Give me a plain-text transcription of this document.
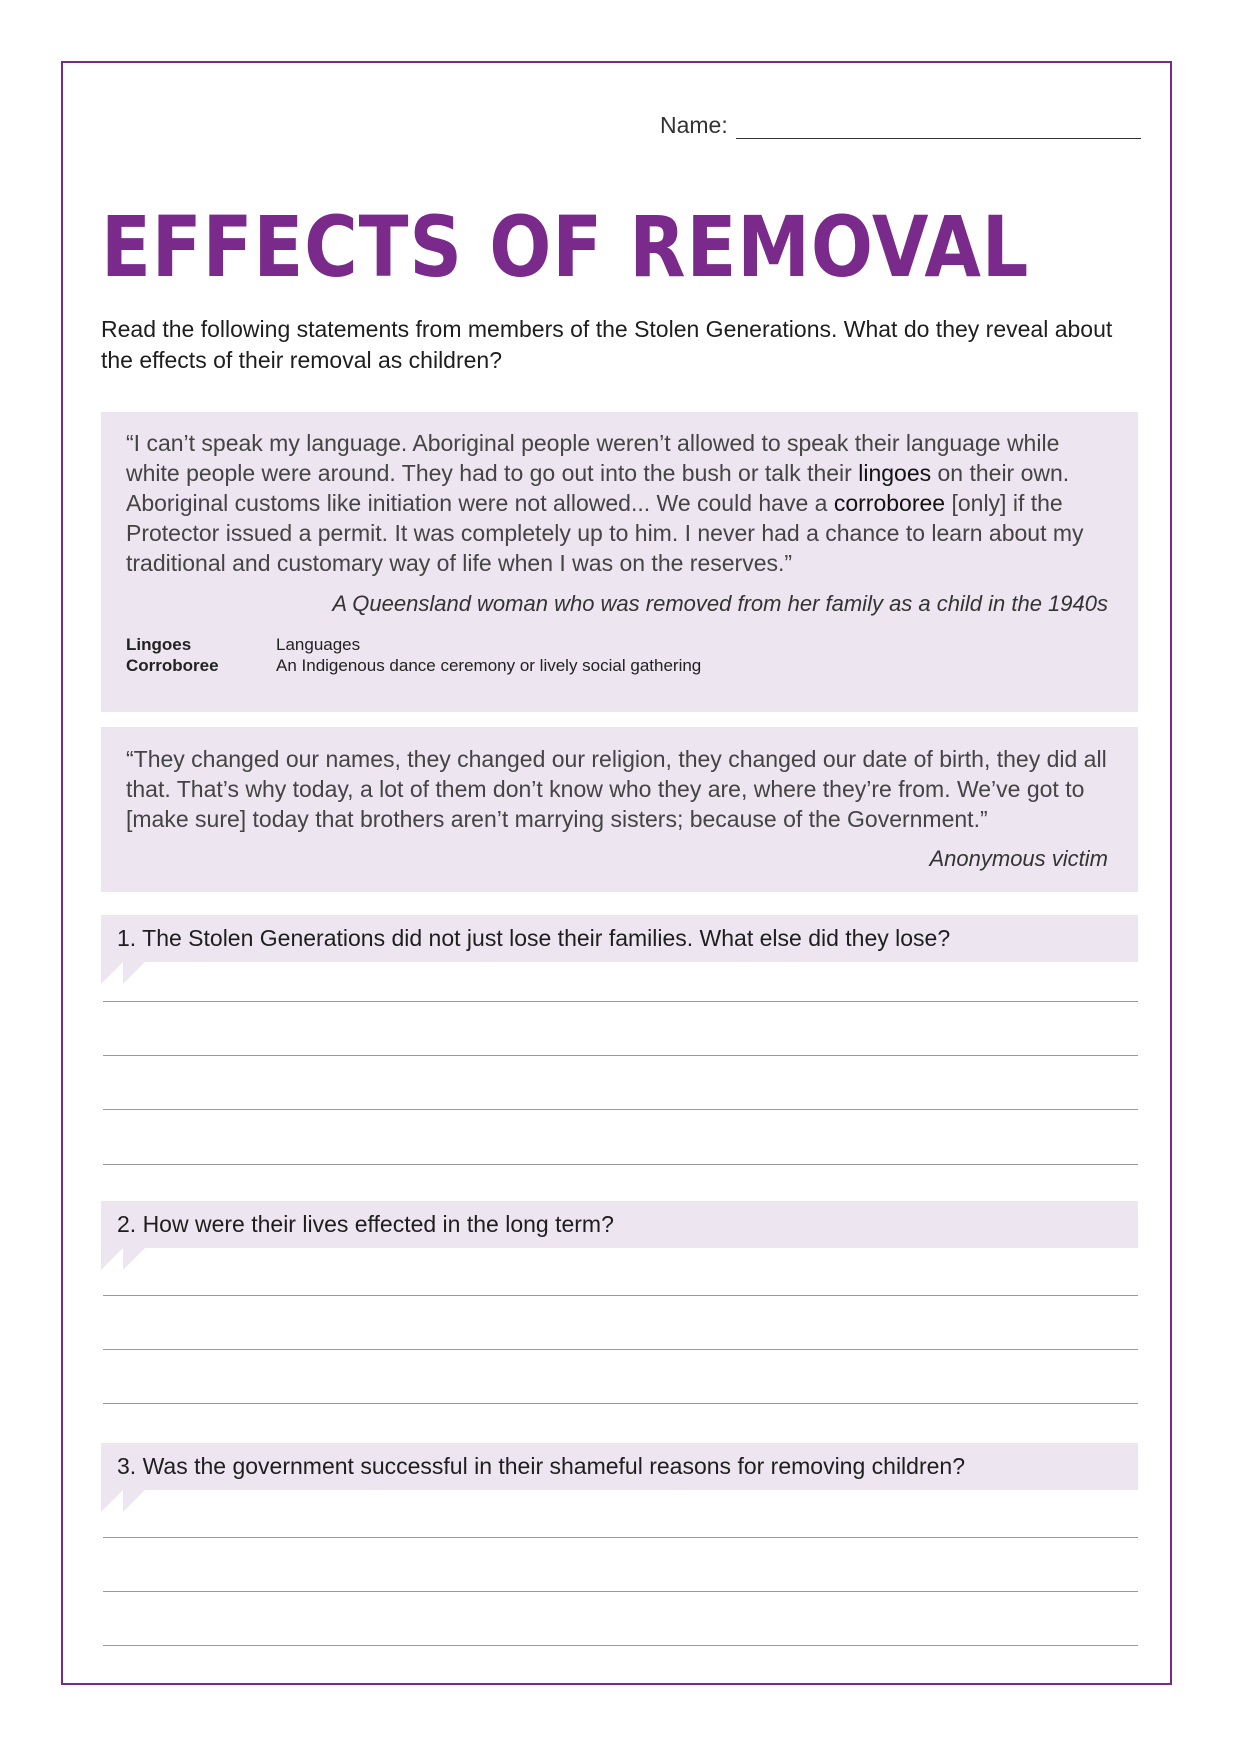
Name:
EFFECTS OF REMOVAL

Read the following statements from members of the Stolen Generations. What do they reveal about the effects of their removal as children?

“I can’t speak my language. Aboriginal people weren’t allowed to speak their language while white people were around. They had to go out into the bush or talk their lingoes on their own. Aboriginal customs like initiation were not allowed... We could have a corroboree [only] if the Protector issued a permit. It was completely up to him. I never had a chance to learn about my traditional and customary way of life when I was on the reserves.”

A Queensland woman who was removed from her family as a child in the 1940s

Lingoes	Languages
Corroboree	An Indigenous dance ceremony or lively social gathering

“They changed our names, they changed our religion, they changed our date of birth, they did all that. That’s why today, a lot of them don’t know who they are, where they’re from. We’ve got to [make sure] today that brothers aren’t marrying sisters; because of the Government.”

Anonymous victim

1. The Stolen Generations did not just lose their families. What else did they lose?
2. How were their lives effected in the long term?
3. Was the government successful in their shameful reasons for removing children?
